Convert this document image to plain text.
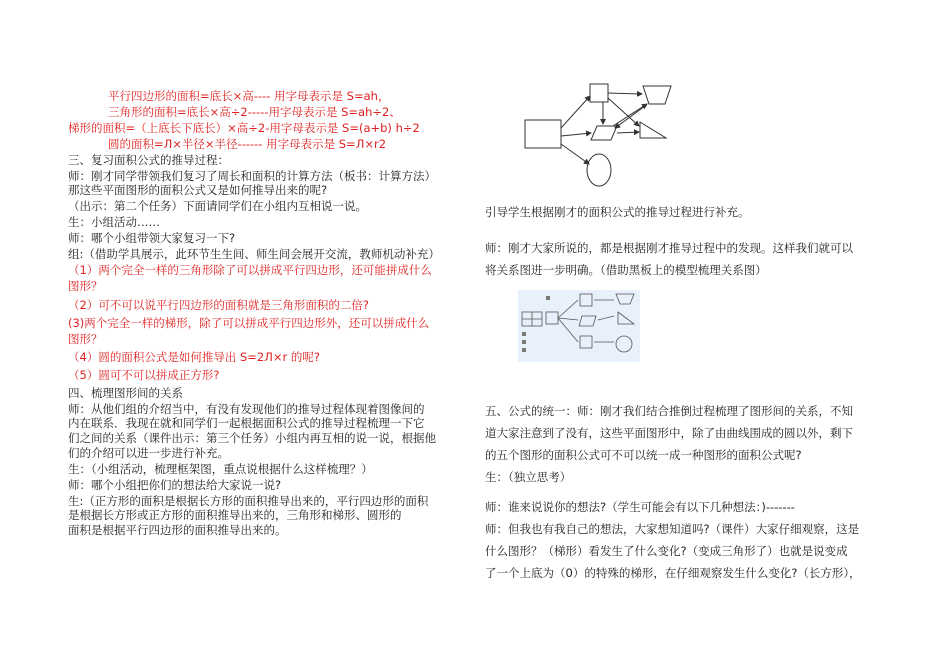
平行四边形的面积=底长×高---- 用字母表示是 S=ah，
三角形的面积=底长×高÷2-----用字母表示是 S=ah÷2、
梯形的面积=（上底长下底长）×高÷2-用字母表示是 S=(a+b) h÷2
圆的面积=Л×半径×半径------ 用字母表示是 S=Л×r2
三、复习面积公式的推导过程：
师：刚才同学带领我们复习了周长和面积的计算方法（板书：计算方法）
那这些平面图形的面积公式又是如何推导出来的呢?
（出示：第二个任务）下面请同学们在小组内互相说一说。
生：小组活动……
师：哪个小组带领大家复习一下?
组:（借助学具展示，此环节生生间、师生间会展开交流，教师机动补充）
（1）两个完全一样的三角形除了可以拼成平行四边形，还可能拼成什么
图形？
（2）可不可以说平行四边形的面积就是三角形面积的二倍?
(3)两个完全一样的梯形，除了可以拼成平行四边形外，还可以拼成什么
图形？
（4）圆的面积公式是如何推导出 S=2Л×r 的呢?
（5）圆可不可以拼成正方形?
四、梳理图形间的关系
师：从他们组的介绍当中，有没有发现他们的推导过程体现着图像间的
内在联系．我现在就和同学们一起根据面积公式的推导过程梳理一下它
们之间的关系（课件出示：第三个任务）小组内再互相的说一说，根据他
们的介绍可以进一步进行补充。
生：（小组活动，梳理框架图，重点说根据什么这样梳理？）
师：哪个小组把你们的想法给大家说一说?
生:（正方形的面积是根据长方形的面积推导出来的，平行四边形的面积
是根据长方形或正方形的面积推导出来的，三角形和梯形、圆形的
面积是根据平行四边形的面积推导出来的。
引导学生根据刚才的面积公式的推导过程进行补充。
师：刚才大家所说的，都是根据刚才推导过程中的发现。这样我们就可以
将关系图进一步明确。（借助黑板上的模型梳理关系图）
五、公式的统一：师：刚才我们结合推倒过程梳理了图形间的关系，不知
道大家注意到了没有，这些平面图形中，除了由曲线围成的圆以外，剩下
的五个图形的面积公式可不可以统一成一种图形的面积公式呢?
生：（独立思考）
师：谁来说说你的想法?（学生可能会有以下几种想法：)-------
师：但我也有我自己的想法，大家想知道吗?（课件）大家仔细观察，这是
什么图形？（梯形）看发生了什么变化?（变成三角形了）也就是说变成
了一个上底为（0）的特殊的梯形，在仔细观察发生什么变化?（长方形），
